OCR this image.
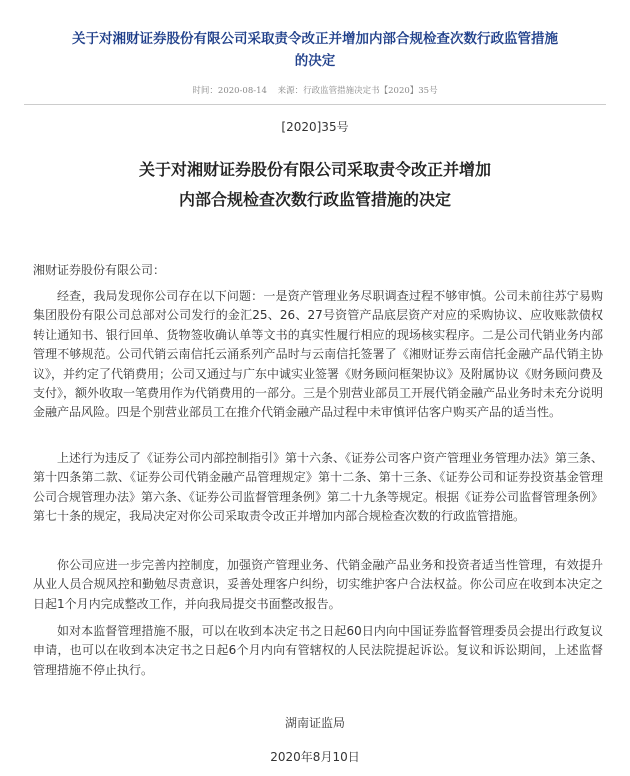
关于对湘财证券股份有限公司采取责令改正并增加内部合规检查次数行政监管措施
的决定
时间：2020-08-14 来源：行政监管措施决定书【2020】35号
[2020]35号
关于对湘财证券股份有限公司采取责令改正并增加
内部合规检查次数行政监管措施的决定
湘财证券股份有限公司：
经查，我局发现你公司存在以下问题：一是资产管理业务尽职调查过程不够审慎。公司未前往苏宁易购集团股份有限公司总部对公司发行的金汇25、26、27号资管产品底层资产对应的采购协议、应收账款债权转让通知书、银行回单、货物签收确认单等文书的真实性履行相应的现场核实程序。二是公司代销业务内部管理不够规范。公司代销云南信托云涌系列产品时与云南信托签署了《湘财证券云南信托金融产品代销主协议》，并约定了代销费用；公司又通过与广东中诚实业签署《财务顾问框架协议》及附属协议《财务顾问费及支付》，额外收取一笔费用作为代销费用的一部分。三是个别营业部员工开展代销金融产品业务时未充分说明金融产品风险。四是个别营业部员工在推介代销金融产品过程中未审慎评估客户购买产品的适当性。
上述行为违反了《证券公司内部控制指引》第十六条、《证券公司客户资产管理业务管理办法》第三条、第十四条第二款、《证券公司代销金融产品管理规定》第十二条、第十三条、《证券公司和证券投资基金管理公司合规管理办法》第六条、《证券公司监督管理条例》第二十九条等规定。根据《证券公司监督管理条例》第七十条的规定，我局决定对你公司采取责令改正并增加内部合规检查次数的行政监管措施。
你公司应进一步完善内控制度，加强资产管理业务、代销金融产品业务和投资者适当性管理，有效提升从业人员合规风控和勤勉尽责意识，妥善处理客户纠纷，切实维护客户合法权益。你公司应在收到本决定之日起1个月内完成整改工作，并向我局提交书面整改报告。
如对本监督管理措施不服，可以在收到本决定书之日起60日内向中国证券监督管理委员会提出行政复议申请，也可以在收到本决定书之日起6个月内向有管辖权的人民法院提起诉讼。复议和诉讼期间，上述监督管理措施不停止执行。
湖南证监局
2020年8月10日
